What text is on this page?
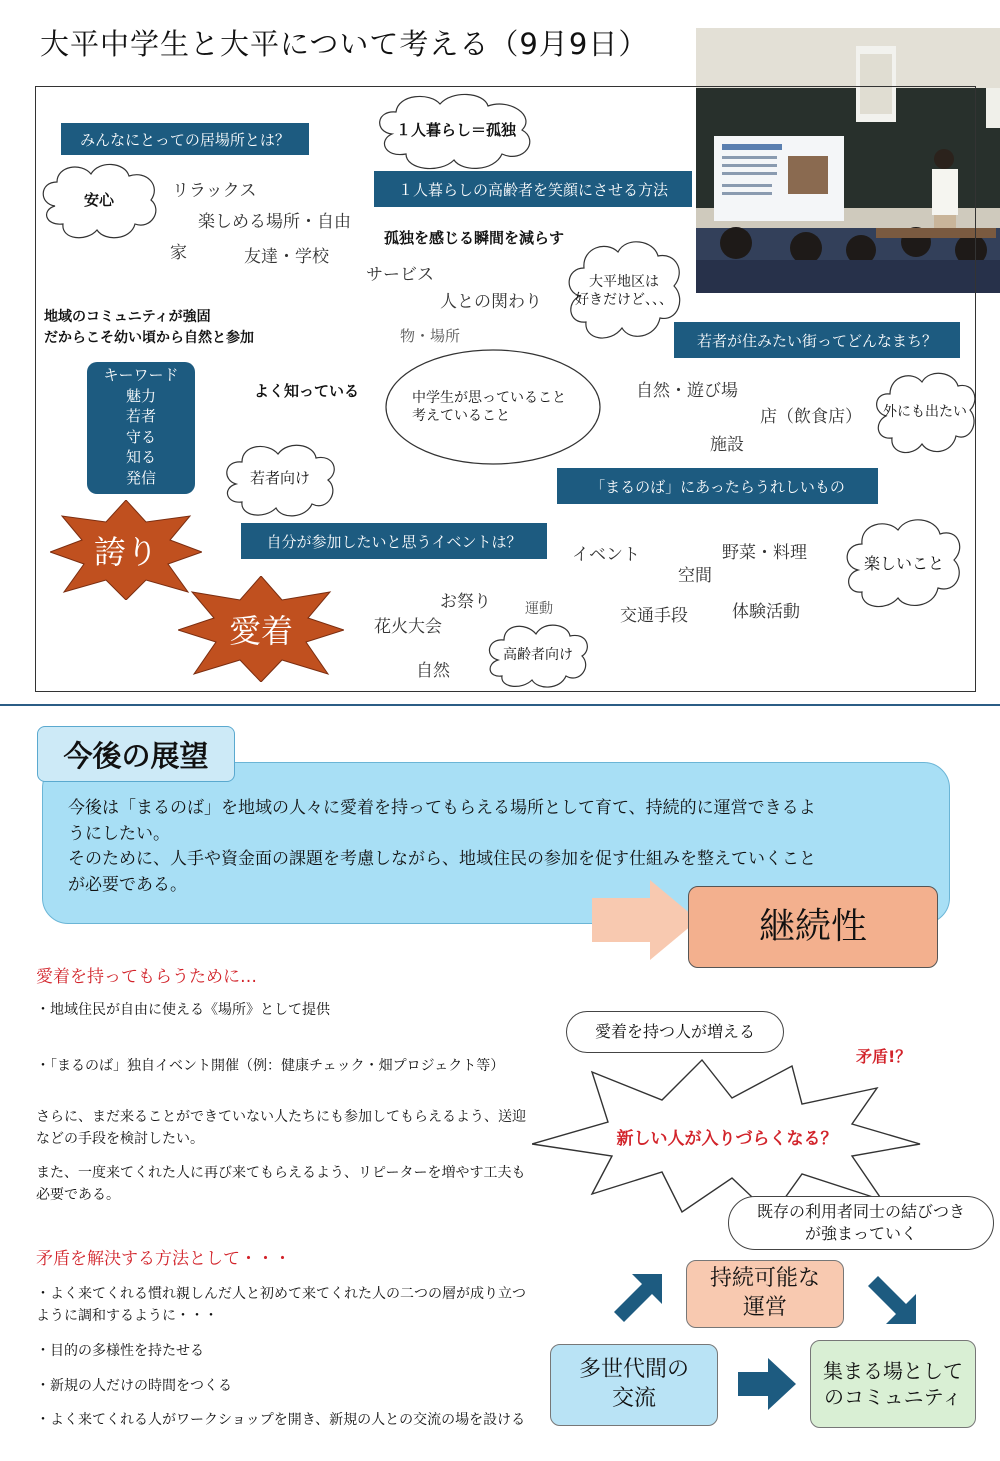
大平中学生と大平について考える（9月9日）
みんなにとっての居場所とは？
１人暮らしの高齢者を笑顔にさせる方法
若者が住みたい街ってどんなまち？
「まるのば」にあったらうれしいもの
自分が参加したいと思うイベントは？
安心
１人暮らし＝孤独
大平地区は
好きだけど、、、
中学生が思っていること
考えていること	外にも出たい
若者向け
楽しいこと
高齢者向け
リラックス
楽しめる場所・自由
家	友達・学校
孤独を感じる瞬間を減らす
サービス
人との関わり
物・場所
地域のコミュニティが強固
だからこそ幼い頃から自然と参加
よく知っている	自然・遊び場
店（飲食店）
施設
イベント	野菜・料理
空間
お祭り 運動	交通手段	体験活動
花火大会
自然
キーワード
魅力
若者
守る
知る
発信
誇り
愛着
今後の展望
今後は「まるのば」を地域の人々に愛着を持ってもらえる場所として育て、持続的に運営できるよ
うにしたい。
そのために、人手や資金面の課題を考慮しながら、地域住民の参加を促す仕組みを整えていくこと
が必要である。
継続性
愛着を持ってもらうために…
・地域住民が自由に使える《場所》として提供
・「まるのば」独自イベント開催（例：健康チェック・畑プロジェクト等）
さらに、まだ来ることができていない人たちにも参加してもらえるよう、送迎などの手段を検討したい。
また、一度来てくれた人に再び来てもらえるよう、リピーターを増やす工夫も必要である。
矛盾を解決する方法として・・・
・よく来てくれる慣れ親しんだ人と初めて来てくれた人の二つの層が成り立つように調和するように・・・
・目的の多様性を持たせる
・新規の人だけの時間をつくる
・よく来てくれる人がワークショップを開き、新規の人との交流の場を設ける
愛着を持つ人が増える
矛盾!？
新しい人が入りづらくなる？
既存の利用者同士の結びつき
が強まっていく
持続可能な
運営
多世代間の
交流
集まる場として
のコミュニティ
